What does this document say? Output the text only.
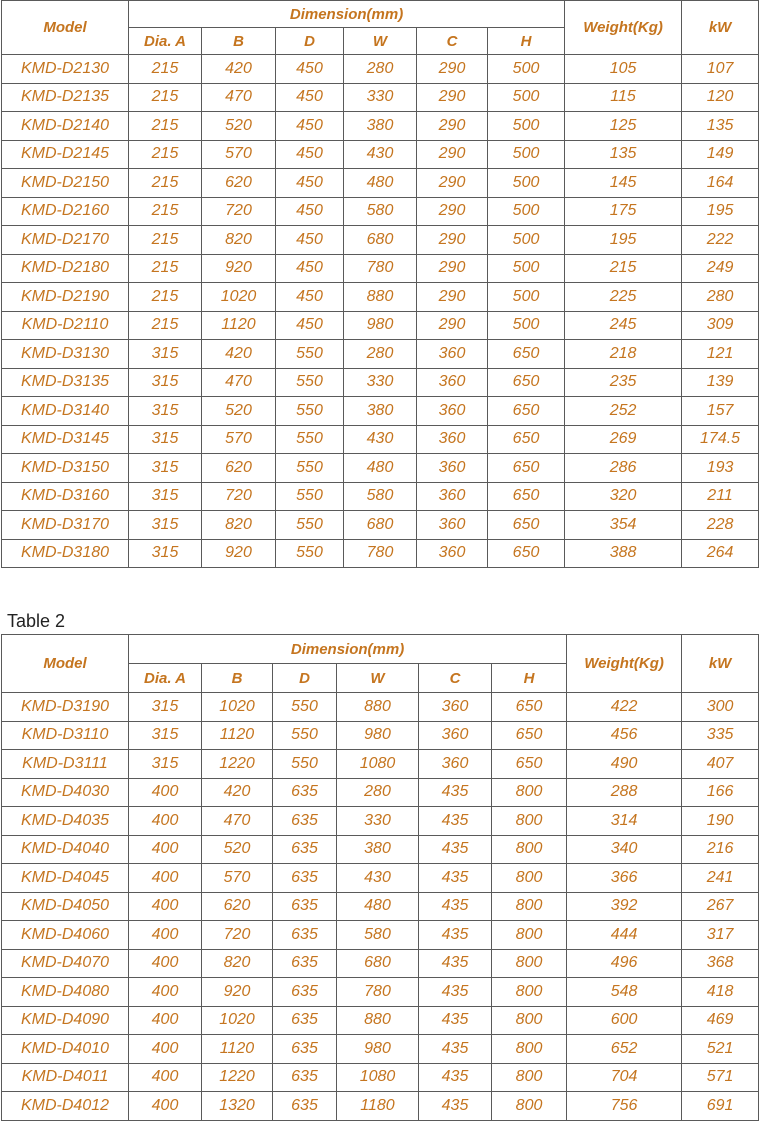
Model	Dimension(mm)						Weight(Kg)	kW
	Dia. A	B	D	W	C	H		
KMD-D2130	215	420	450	280	290	500	105	107
KMD-D2135	215	470	450	330	290	500	115	120
KMD-D2140	215	520	450	380	290	500	125	135
KMD-D2145	215	570	450	430	290	500	135	149
KMD-D2150	215	620	450	480	290	500	145	164
KMD-D2160	215	720	450	580	290	500	175	195
KMD-D2170	215	820	450	680	290	500	195	222
KMD-D2180	215	920	450	780	290	500	215	249
KMD-D2190	215	1020	450	880	290	500	225	280
KMD-D2110	215	1120	450	980	290	500	245	309
KMD-D3130	315	420	550	280	360	650	218	121
KMD-D3135	315	470	550	330	360	650	235	139
KMD-D3140	315	520	550	380	360	650	252	157
KMD-D3145	315	570	550	430	360	650	269	174.5
KMD-D3150	315	620	550	480	360	650	286	193
KMD-D3160	315	720	550	580	360	650	320	211
KMD-D3170	315	820	550	680	360	650	354	228
KMD-D3180	315	920	550	780	360	650	388	264
Table 2
Model	Dimension(mm)						Weight(Kg)	kW
	Dia. A	B	D	W	C	H		
KMD-D3190	315	1020	550	880	360	650	422	300
KMD-D3110	315	1120	550	980	360	650	456	335
KMD-D3111	315	1220	550	1080	360	650	490	407
KMD-D4030	400	420	635	280	435	800	288	166
KMD-D4035	400	470	635	330	435	800	314	190
KMD-D4040	400	520	635	380	435	800	340	216
KMD-D4045	400	570	635	430	435	800	366	241
KMD-D4050	400	620	635	480	435	800	392	267
KMD-D4060	400	720	635	580	435	800	444	317
KMD-D4070	400	820	635	680	435	800	496	368
KMD-D4080	400	920	635	780	435	800	548	418
KMD-D4090	400	1020	635	880	435	800	600	469
KMD-D4010	400	1120	635	980	435	800	652	521
KMD-D4011	400	1220	635	1080	435	800	704	571
KMD-D4012	400	1320	635	1180	435	800	756	691
